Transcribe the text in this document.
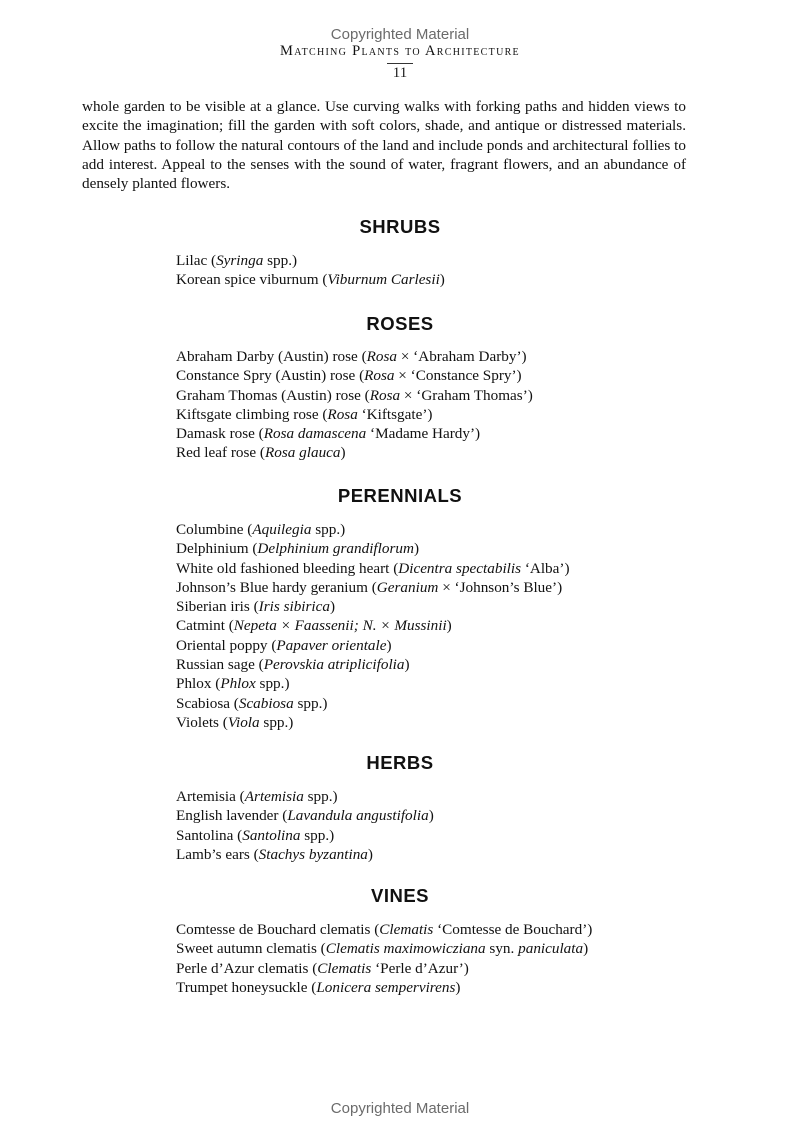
Copyrighted Material
Matching Plants to Architecture
11

whole garden to be visible at a glance. Use curving walks with forking paths and hidden views to excite the imagination; fill the garden with soft colors, shade, and antique or distressed materials. Allow paths to follow the natural contours of the land and include ponds and architectural follies to add interest. Appeal to the senses with the sound of water, fragrant flowers, and an abundance of densely planted flowers.

SHRUBS
Lilac (Syringa spp.)
Korean spice viburnum (Viburnum Carlesii)
ROSES
Abraham Darby (Austin) rose (Rosa × ‘Abraham Darby’)
Constance Spry (Austin) rose (Rosa × ‘Constance Spry’)
Graham Thomas (Austin) rose (Rosa × ‘Graham Thomas’)
Kiftsgate climbing rose (Rosa ‘Kiftsgate’)
Damask rose (Rosa damascena ‘Madame Hardy’)
Red leaf rose (Rosa glauca)
PERENNIALS
Columbine (Aquilegia spp.)
Delphinium (Delphinium grandiflorum)
White old fashioned bleeding heart (Dicentra spectabilis ‘Alba’)
Johnson’s Blue hardy geranium (Geranium × ‘Johnson’s Blue’)
Siberian iris (Iris sibirica)
Catmint (Nepeta × Faassenii; N. × Mussinii)
Oriental poppy (Papaver orientale)
Russian sage (Perovskia atriplicifolia)
Phlox (Phlox spp.)
Scabiosa (Scabiosa spp.)
Violets (Viola spp.)
HERBS
Artemisia (Artemisia spp.)
English lavender (Lavandula angustifolia)
Santolina (Santolina spp.)
Lamb’s ears (Stachys byzantina)
VINES
Comtesse de Bouchard clematis (Clematis ‘Comtesse de Bouchard’)
Sweet autumn clematis (Clematis maximowicziana syn. paniculata)
Perle d’Azur clematis (Clematis ‘Perle d’Azur’)
Trumpet honeysuckle (Lonicera sempervirens)
Copyrighted Material
